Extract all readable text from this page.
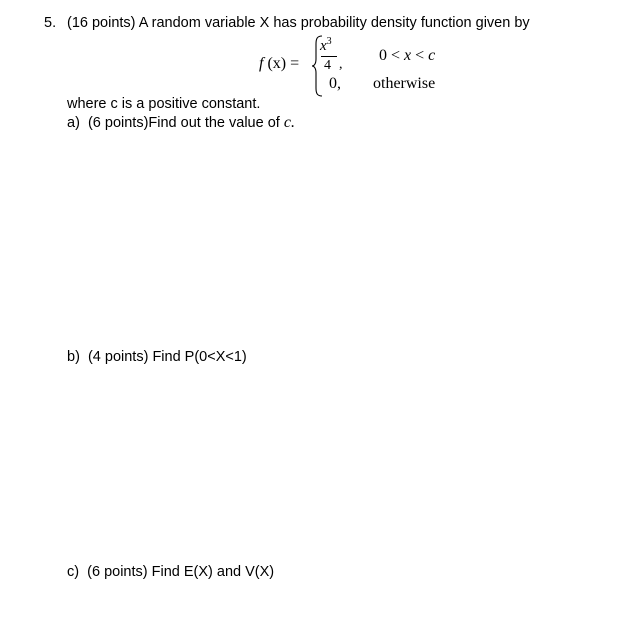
5. (16 points) A random variable X has probability density function given by
f (x) =
$x^3$
4 ,
0,
0 < x < c
otherwise
where c is a positive constant.
a) (6 points)Find out the value of c.
b) (4 points) Find P(0<X<1)
c) (6 points) Find E(X) and V(X)
